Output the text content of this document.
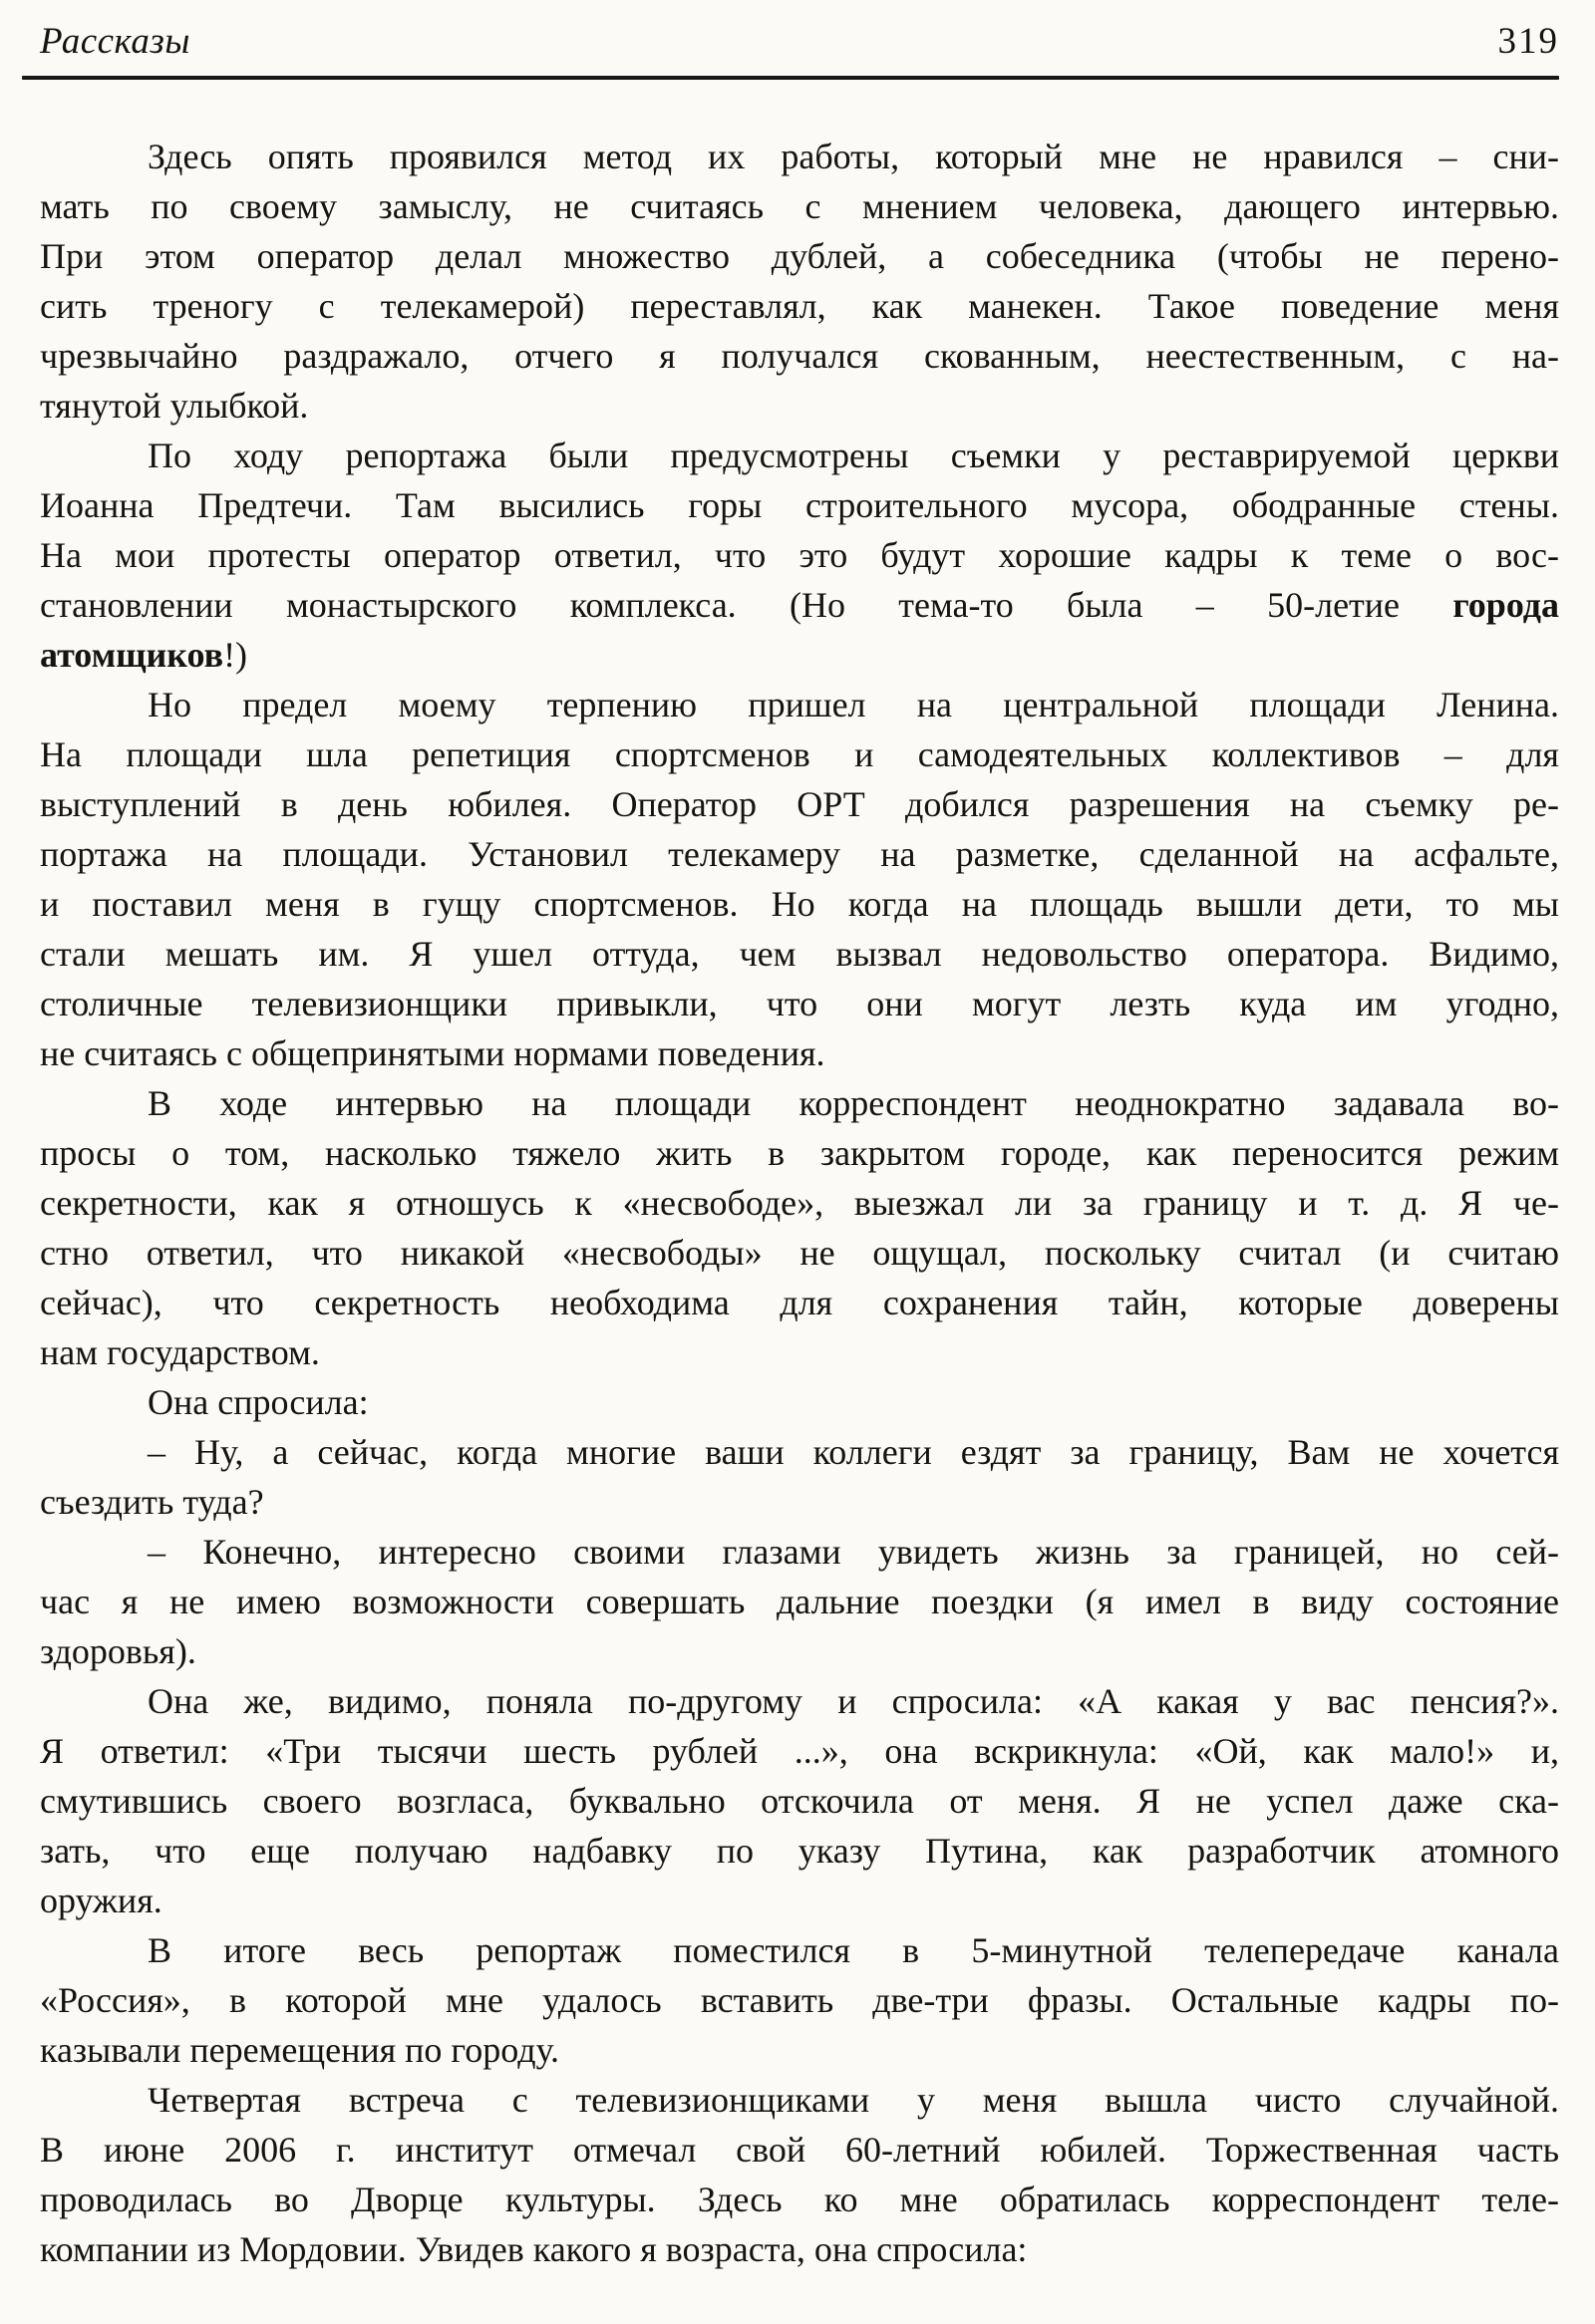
Рассказы	319
Здесь опять проявился метод их работы, который мне не нравился – сни-
мать по своему замыслу, не считаясь с мнением человека, дающего интервью.
При этом оператор делал множество дублей, а собеседника (чтобы не перено-
сить треногу с телекамерой) переставлял, как манекен. Такое поведение меня
чрезвычайно раздражало, отчего я получался скованным, неестественным, с на-
тянутой улыбкой.
По ходу репортажа были предусмотрены съемки у реставрируемой церкви
Иоанна Предтечи. Там высились горы строительного мусора, ободранные стены.
На мои протесты оператор ответил, что это будут хорошие кадры к теме о вос-
становлении монастырского комплекса. (Но тема-то была – 50-летие города
атомщиков!)
Но предел моему терпению пришел на центральной площади Ленина.
На площади шла репетиция спортсменов и самодеятельных коллективов – для
выступлений в день юбилея. Оператор ОРТ добился разрешения на съемку ре-
портажа на площади. Установил телекамеру на разметке, сделанной на асфальте,
и поставил меня в гущу спортсменов. Но когда на площадь вышли дети, то мы
стали мешать им. Я ушел оттуда, чем вызвал недовольство оператора. Видимо,
столичные телевизионщики привыкли, что они могут лезть куда им угодно,
не считаясь с общепринятыми нормами поведения.
В ходе интервью на площади корреспондент неоднократно задавала во-
просы о том, насколько тяжело жить в закрытом городе, как переносится режим
секретности, как я отношусь к «несвободе», выезжал ли за границу и т. д. Я че-
стно ответил, что никакой «несвободы» не ощущал, поскольку считал (и считаю
сейчас), что секретность необходима для сохранения тайн, которые доверены
нам государством.
Она спросила:
– Ну, а сейчас, когда многие ваши коллеги ездят за границу, Вам не хочется
съездить туда?
– Конечно, интересно своими глазами увидеть жизнь за границей, но сей-
час я не имею возможности совершать дальние поездки (я имел в виду состояние
здоровья).
Она же, видимо, поняла по-другому и спросила: «А какая у вас пенсия?».
Я ответил: «Три тысячи шесть рублей ...», она вскрикнула: «Ой, как мало!» и,
смутившись своего возгласа, буквально отскочила от меня. Я не успел даже ска-
зать, что еще получаю надбавку по указу Путина, как разработчик атомного
оружия.
В итоге весь репортаж поместился в 5-минутной телепередаче канала
«Россия», в которой мне удалось вставить две-три фразы. Остальные кадры по-
казывали перемещения по городу.
Четвертая встреча с телевизионщиками у меня вышла чисто случайной.
В июне 2006 г. институт отмечал свой 60-летний юбилей. Торжественная часть
проводилась во Дворце культуры. Здесь ко мне обратилась корреспондент теле-
компании из Мордовии. Увидев какого я возраста, она спросила:
